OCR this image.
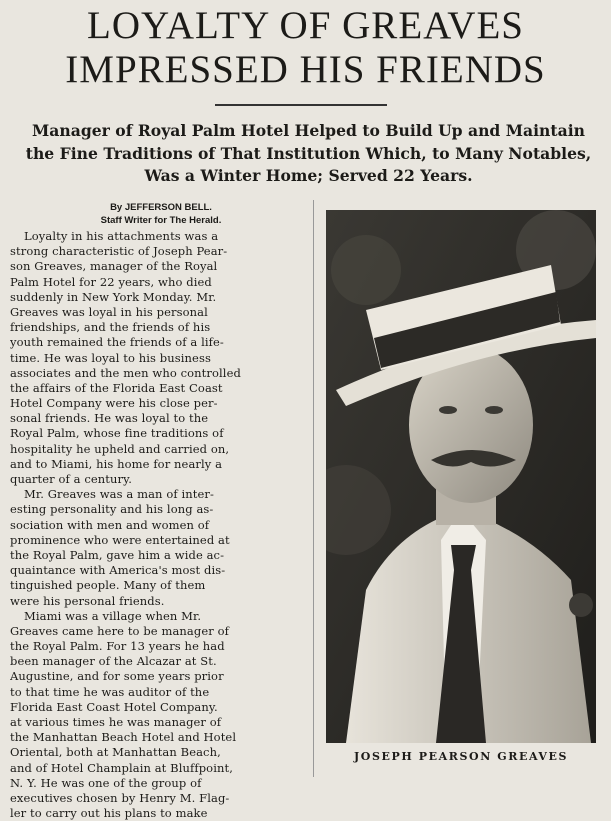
LOYALTY OF GREAVES
IMPRESSED HIS FRIENDS
Manager of Royal Palm Hotel Helped to Build Up and Maintain
the Fine Traditions of That Institution Which, to Many Notables,
Was a Winter Home; Served 22 Years.
By JEFFERSON BELL.
Staff Writer for The Herald.
Loyalty in his attachments was a
strong characteristic of Joseph Pear-
son Greaves, manager of the Royal
Palm Hotel for 22 years, who died
suddenly in New York Monday. Mr.
Greaves was loyal in his personal
friendships, and the friends of his
youth remained the friends of a life-
time. He was loyal to his business
associates and the men who controlled
the affairs of the Florida East Coast
Hotel Company were his close per-
sonal friends. He was loyal to the
Royal Palm, whose fine traditions of
hospitality he upheld and carried on,
and to Miami, his home for nearly a
quarter of a century.
Mr. Greaves was a man of inter-
esting personality and his long as-
sociation with men and women of
prominence who were entertained at
the Royal Palm, gave him a wide ac-
quaintance with America's most dis-
tinguished people. Many of them
were his personal friends.
Miami was a village when Mr.
Greaves came here to be manager of
the Royal Palm. For 13 years he had
been manager of the Alcazar at St.
Augustine, and for some years prior
to that time he was auditor of the
Florida East Coast Hotel Company.
at various times he was manager of
the Manhattan Beach Hotel and Hotel
Oriental, both at Manhattan Beach,
and of Hotel Champlain at Bluffpoint,
N. Y. He was one of the group of
executives chosen by Henry M. Flag-
ler to carry out his plans to make
JOSEPH PEARSON GREAVES
